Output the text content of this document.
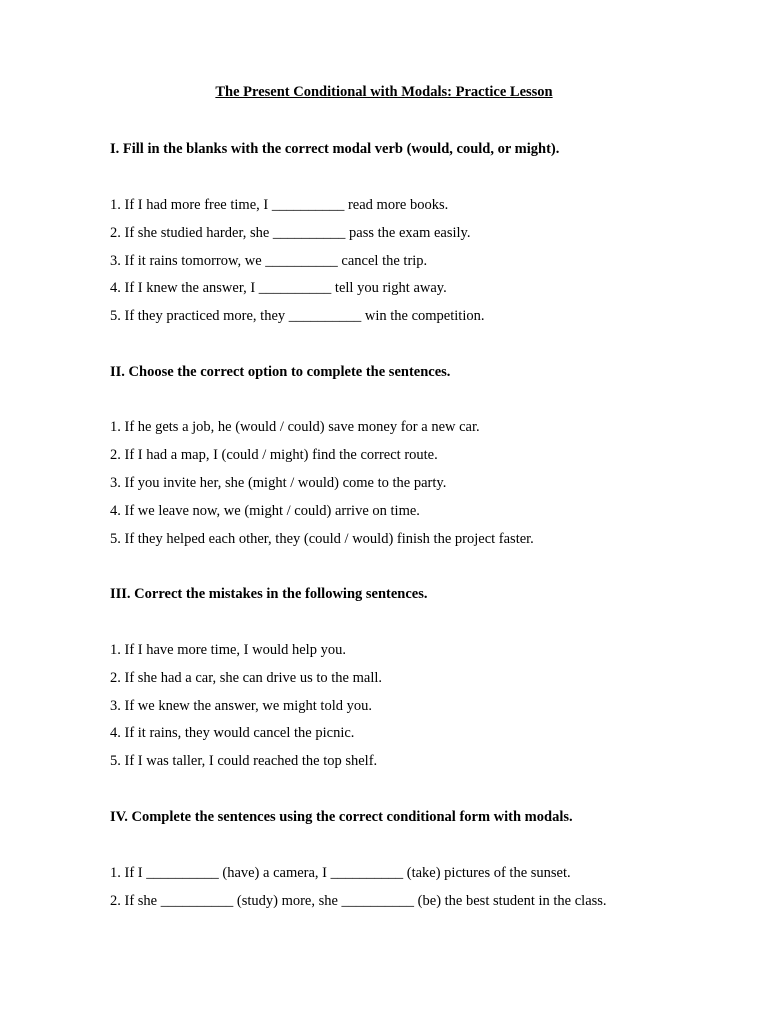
The Present Conditional with Modals: Practice Lesson
I. Fill in the blanks with the correct modal verb (would, could, or might).
1. If I had more free time, I __________ read more books.
2. If she studied harder, she __________ pass the exam easily.
3. If it rains tomorrow, we __________ cancel the trip.
4. If I knew the answer, I __________ tell you right away.
5. If they practiced more, they __________ win the competition.
II. Choose the correct option to complete the sentences.
1. If he gets a job, he (would / could) save money for a new car.
2. If I had a map, I (could / might) find the correct route.
3. If you invite her, she (might / would) come to the party.
4. If we leave now, we (might / could) arrive on time.
5. If they helped each other, they (could / would) finish the project faster.
III. Correct the mistakes in the following sentences.
1. If I have more time, I would help you.
2. If she had a car, she can drive us to the mall.
3. If we knew the answer, we might told you.
4. If it rains, they would cancel the picnic.
5. If I was taller, I could reached the top shelf.
IV. Complete the sentences using the correct conditional form with modals.
1. If I __________ (have) a camera, I __________ (take) pictures of the sunset.
2. If she __________ (study) more, she __________ (be) the best student in the class.
